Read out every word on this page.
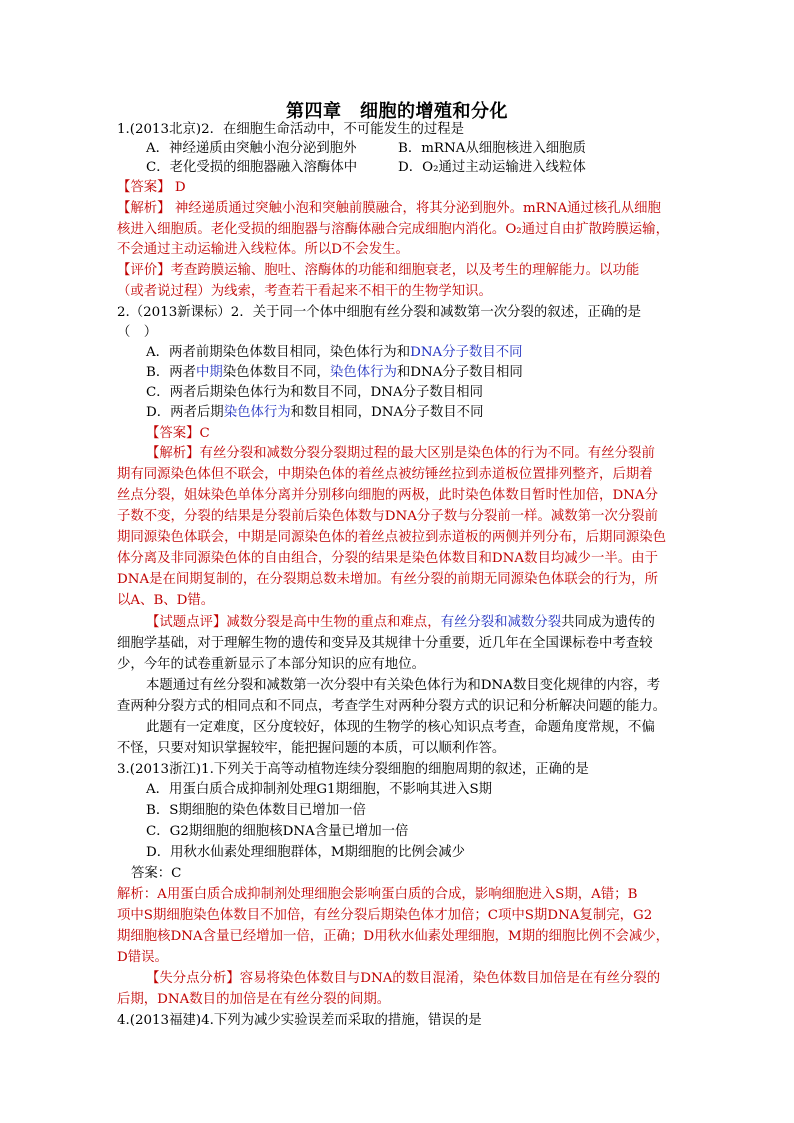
第四章　细胞的增殖和分化
1.(2013北京)2．在细胞生命活动中，不可能发生的过程是
A．神经递质由突触小泡分泌到胞外	B．mRNA从细胞核进入细胞质
C．老化受损的细胞器融入溶酶体中	D．O₂通过主动运输进入线粒体
【答案】 D
【解析】 神经递质通过突触小泡和突触前膜融合，将其分泌到胞外。mRNA通过核孔从细胞
核进入细胞质。老化受损的细胞器与溶酶体融合完成细胞内消化。O₂通过自由扩散跨膜运输，
不会通过主动运输进入线粒体。所以D不会发生。
【评价】考查跨膜运输、胞吐、溶酶体的功能和细胞衰老，以及考生的理解能力。以功能
（或者说过程）为线索，考查若干看起来不相干的生物学知识。
2.（2013新课标）2．关于同一个体中细胞有丝分裂和减数第一次分裂的叙述，正确的是
（　）
A．两者前期染色体数目相同，染色体行为和DNA分子数目不同
B．两者中期染色体数目不同，染色体行为和DNA分子数目相同
C．两者后期染色体行为和数目不同，DNA分子数目相同
D．两者后期染色体行为和数目相同，DNA分子数目不同
【答案】C
【解析】有丝分裂和减数分裂分裂期过程的最大区别是染色体的行为不同。有丝分裂前
期有同源染色体但不联会，中期染色体的着丝点被纺锤丝拉到赤道板位置排列整齐，后期着
丝点分裂，姐妹染色单体分离并分别移向细胞的两极，此时染色体数目暂时性加倍，DNA分
子数不变，分裂的结果是分裂前后染色体数与DNA分子数与分裂前一样。减数第一次分裂前
期同源染色体联会，中期是同源染色体的着丝点被拉到赤道板的两侧并列分布，后期同源染色
体分离及非同源染色体的自由组合，分裂的结果是染色体数目和DNA数目均减少一半。由于
DNA是在间期复制的，在分裂期总数未增加。有丝分裂的前期无同源染色体联会的行为，所
以A、B、D错。
【试题点评】减数分裂是高中生物的重点和难点，有丝分裂和减数分裂共同成为遗传的
细胞学基础，对于理解生物的遗传和变异及其规律十分重要，近几年在全国课标卷中考查较
少，今年的试卷重新显示了本部分知识的应有地位。
本题通过有丝分裂和减数第一次分裂中有关染色体行为和DNA数目变化规律的内容，考
查两种分裂方式的相同点和不同点，考查学生对两种分裂方式的识记和分析解决问题的能力。
此题有一定难度，区分度较好，体现的生物学的核心知识点考查，命题角度常规，不偏
不怪，只要对知识掌握较牢，能把握问题的本质，可以顺利作答。
3.(2013浙江)1.下列关于高等动植物连续分裂细胞的细胞周期的叙述，正确的是
A．用蛋白质合成抑制剂处理G1期细胞，不影响其进入S期
B．S期细胞的染色体数目已增加一倍
C．G2期细胞的细胞核DNA含量已增加一倍
D．用秋水仙素处理细胞群体，M期细胞的比例会减少
答案：C
解析：A用蛋白质合成抑制剂处理细胞会影响蛋白质的合成，影响细胞进入S期，A错；B
项中S期细胞染色体数目不加倍，有丝分裂后期染色体才加倍；C项中S期DNA复制完，G2
期细胞核DNA含量已经增加一倍，正确；D用秋水仙素处理细胞，M期的细胞比例不会减少，
D错误。
【失分点分析】容易将染色体数目与DNA的数目混淆，染色体数目加倍是在有丝分裂的
后期，DNA数目的加倍是在有丝分裂的间期。
4.(2013福建)4.下列为减少实验误差而采取的措施，错误的是
